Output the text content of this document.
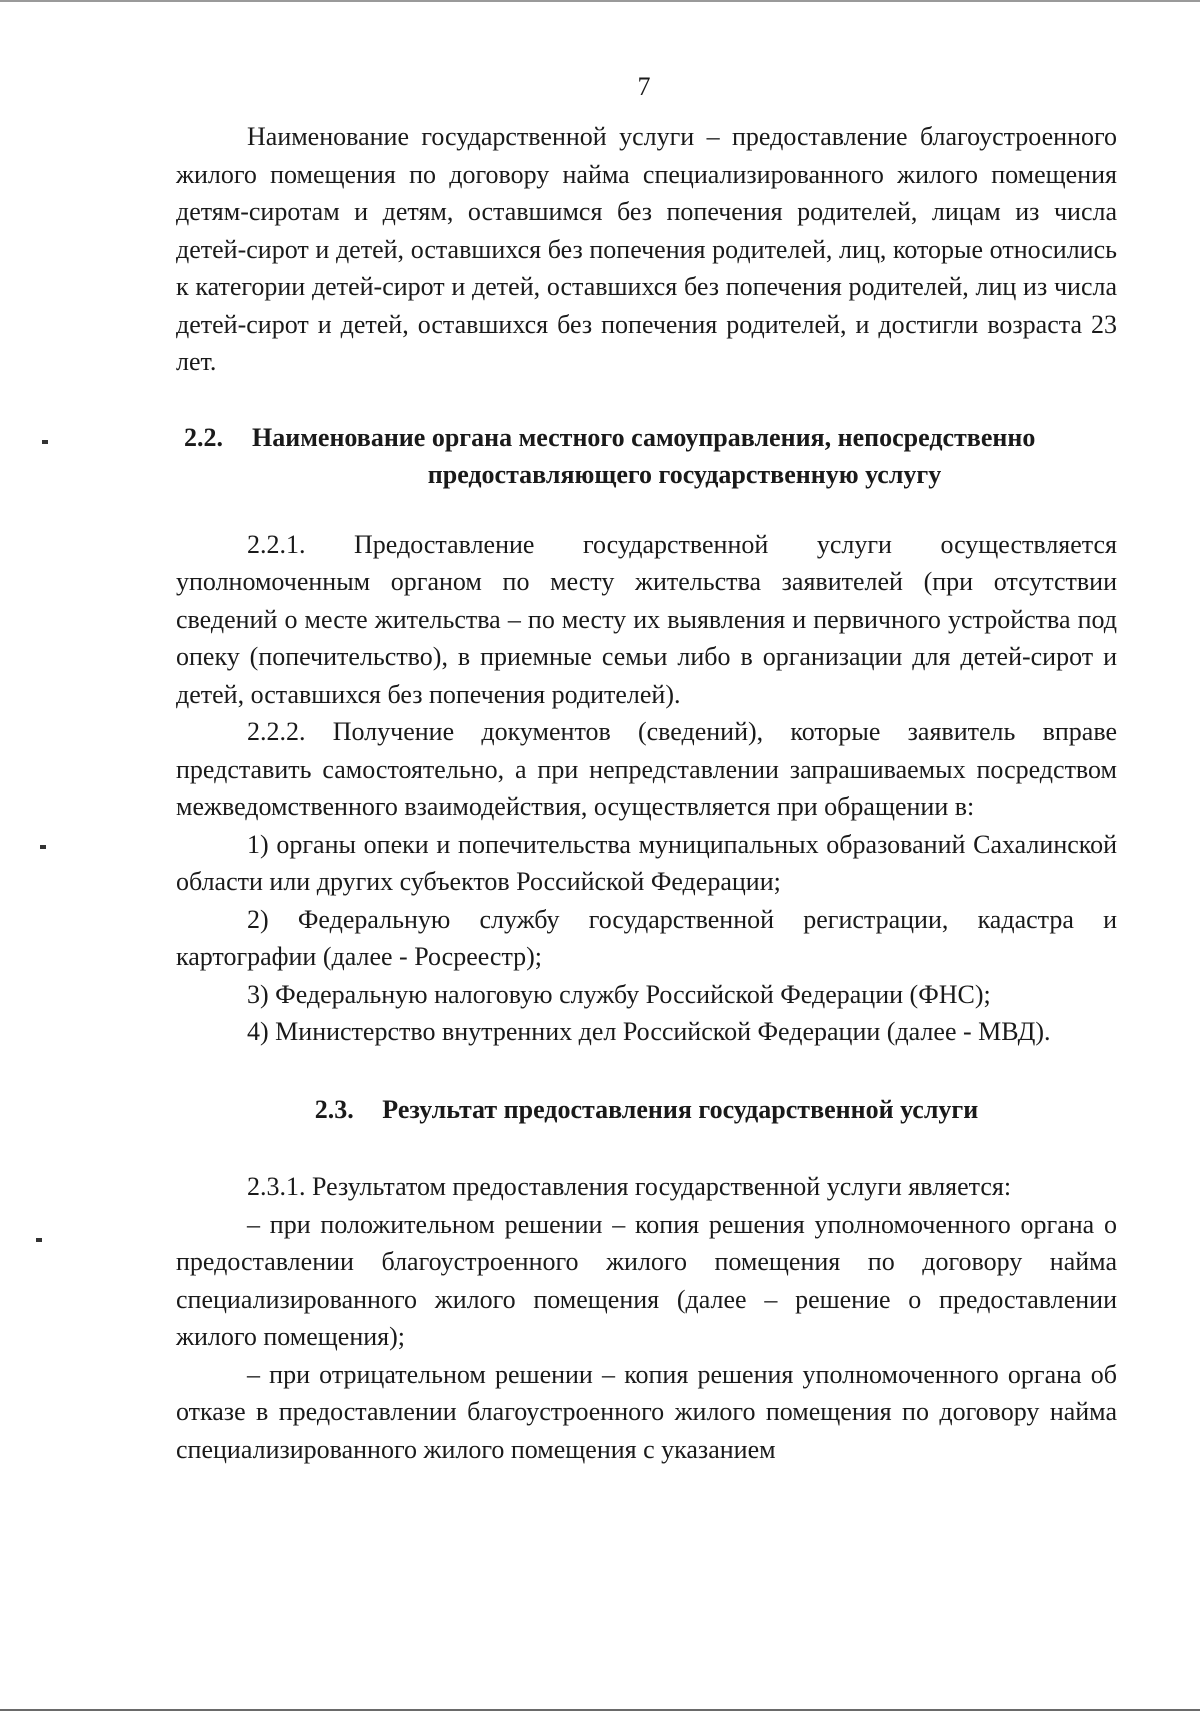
7

Наименование государственной услуги – предоставление благоустроенного жилого помещения по договору найма специализированного жилого помещения детям-сиротам и детям, оставшимся без попечения родителей, лицам из числа детей-сирот и детей, оставшихся без попечения родителей, лиц, которые относились к категории детей-сирот и детей, оставшихся без попечения родителей, лиц из числа детей-сирот и детей, оставшихся без попечения родителей, и достигли возраста 23 лет.

2.2.	Наименование органа местного самоуправления, непосредственно
предоставляющего государственную услугу

2.2.1. Предоставление государственной услуги осуществляется уполномоченным органом по месту жительства заявителей (при отсутствии сведений о месте жительства – по месту их выявления и первичного устройства под опеку (попечительство), в приемные семьи либо в организации для детей-сирот и детей, оставшихся без попечения родителей).

2.2.2. Получение документов (сведений), которые заявитель вправе представить самостоятельно, а при непредставлении запрашиваемых посредством межведомственного взаимодействия, осуществляется при обращении в:

1) органы опеки и попечительства муниципальных образований Сахалинской области или других субъектов Российской Федерации;

2) Федеральную службу государственной регистрации, кадастра и картографии (далее - Росреестр);

3) Федеральную налоговую службу Российской Федерации (ФНС);

4) Министерство внутренних дел Российской Федерации (далее - МВД).

2.3. Результат предоставления государственной услуги

2.3.1. Результатом предоставления государственной услуги является:

– при положительном решении – копия решения уполномоченного органа о предоставлении благоустроенного жилого помещения по договору найма специализированного жилого помещения (далее – решение о предоставлении жилого помещения);

– при отрицательном решении – копия решения уполномоченного органа об отказе в предоставлении благоустроенного жилого помещения по договору найма специализированного жилого помещения с указанием
